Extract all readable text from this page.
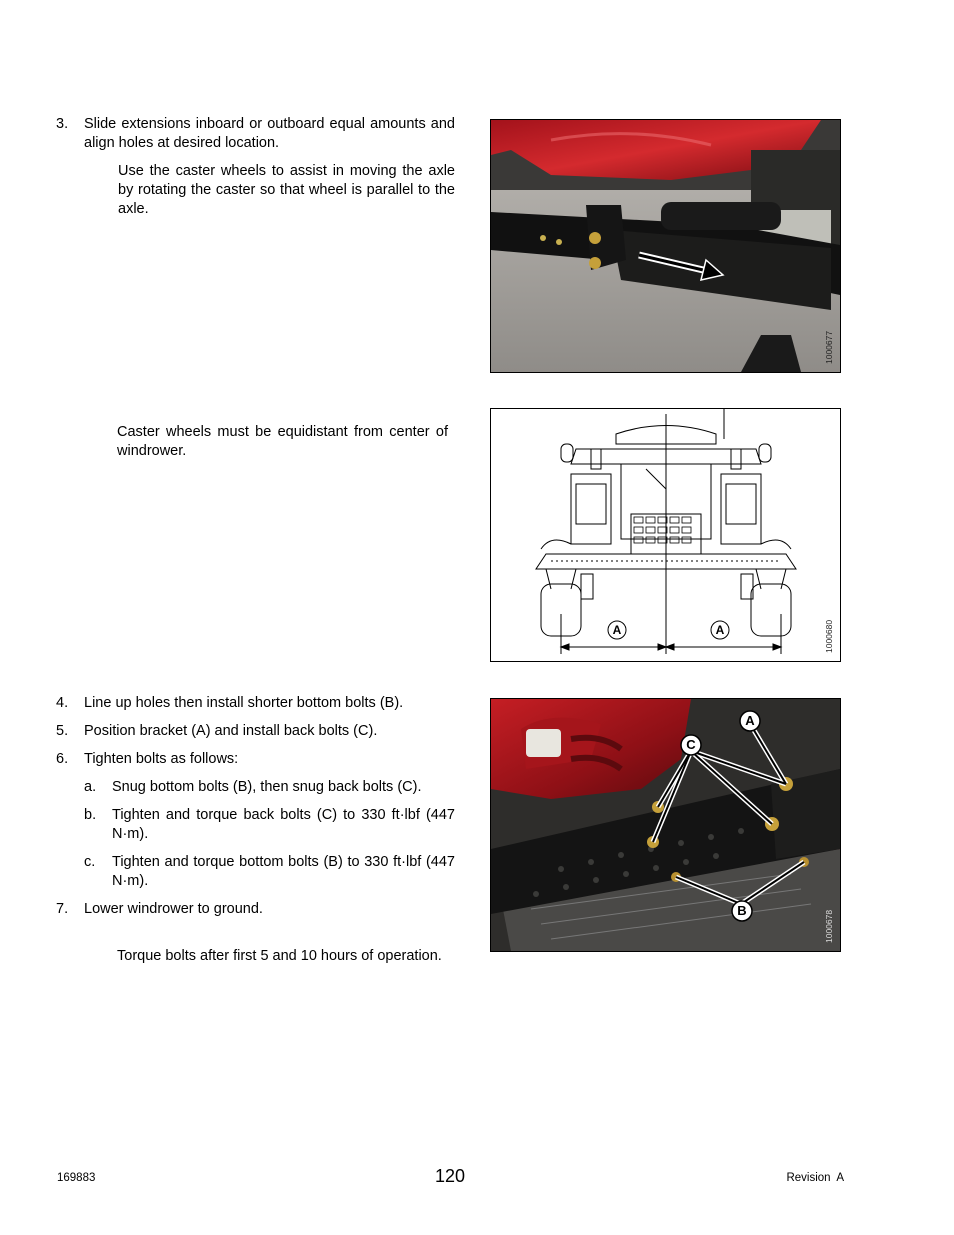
3. Slide extensions inboard or outboard equal amounts and align holes at desired location.
Use the caster wheels to assist in moving the axle by rotating the caster so that wheel is parallel to the axle.
1000677
Caster wheels must be equidistant from center of windrower.
A	A	1000680
4. Line up holes then install shorter bottom bolts (B).
5. Position bracket (A) and install back bolts (C).
6. Tighten bolts as follows:
a. Snug bottom bolts (B), then snug back bolts (C).
b. Tighten and torque back bolts (C) to 330 ft·lbf (447 N·m).
c. Tighten and torque bottom bolts (B) to 330 ft·lbf (447 N·m).
7. Lower windrower to ground.
Torque bolts after first 5 and 10 hours of operation.
A
C
B	1000678
169883	120	Revision  A
